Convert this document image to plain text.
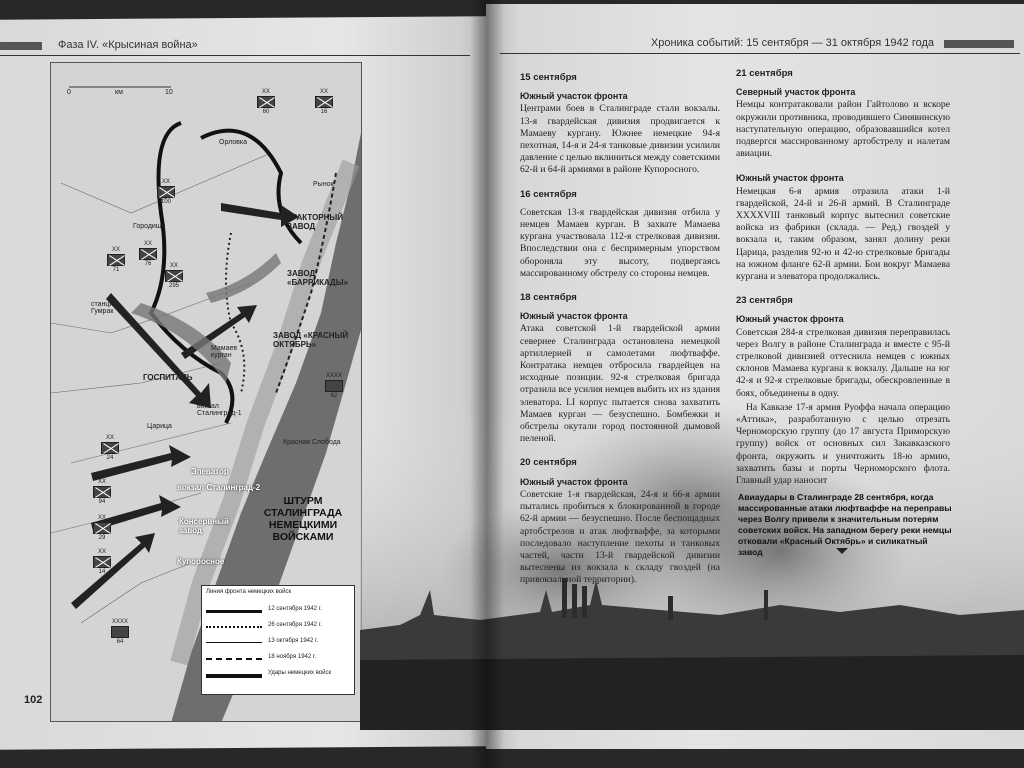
Фаза IV. «Крысиная война»	Хроника событий: 15 сентября — 31 октября 1942 года
0	км	10
Орловка
Рынок
ТРАКТОРНЫЙ ЗАВОД
Городище
ЗАВОД «БАРРИКАДЫ»
станция Гумрак
ЗАВОД «КРАСНЫЙ ОКТЯБРЬ»
Мамаев курган
ГОСПИТАЛЬ
Царица
вокзал Сталинград-1
Красная Слобода
вокзал Сталинград-2
Элеватор
Консервный завод
Купоросное
ШТУРМ СТАЛИНГРАДА НЕМЕЦКИМИ ВОЙСКАМИ
XX
60
XX
16
XX
100
XX
71
XX
76	XX
295
XX
24
XX
94
XX
29
XX
14
XXXX
62
XXXX
64
Линия фронта немецких войск
12 сентября 1942 г.
26 сентября 1942 г.
13 октября 1942 г.
18 ноября 1942 г.
Удары немецких войск
102
15 сентября
Южный участок фронта
Центрами боев в Сталинграде стали вокзалы. 13-я гвардейская дивизия продвигается к Мамаеву кургану. Южнее немецкие 94-я пехотная, 14-я и 24-я танковые дивизии усилили давление с целью вклиниться между советскими 62-й и 64-й армиями в районе Купоросного.
16 сентября
Советская 13-я гвардейская дивизия отбила у немцев Мамаев курган. В захвате Мамаева кургана участвовала 112-я стрелковая дивизия. Впоследствии она с беспримерным упорством обороняла эту высоту, подвергаясь массированному обстрелу со стороны немцев.
18 сентября
Южный участок фронта
Атака советской 1-й гвардейской армии севернее Сталинграда остановлена немецкой артиллерией и самолетами люфтваффе. Контратака немцев отбросила гвардейцев на исходные позиции. 92-я стрелковая бригада отразила все усилия немцев выбить их из здания элеватора. LI корпус пытается снова захватить Мамаев курган — безуспешно. Бомбежки и обстрелы окутали город постоянной дымовой пеленой.
20 сентября
Южный участок фронта
Советские 1-я гвардейская, 24-я и 66-я армии пытались пробиться к блокированной в городе 62-й армии — безуспешно. После беспощадных артобстрелов и атак люфтваффе, за которыми последовало наступление пехоты и танковых частей, части 13-й гвардейской дивизии вытеснены из вокзала к складу гвоздей (на привокзальной территории).
21 сентября
Северный участок фронта
Немцы контратаковали район Гайтолово и вскоре окружили противника, проводившего Синявинскую наступательную операцию, образовавшийся котел подвергся массированному артобстрелу и налетам авиации.
Южный участок фронта
Немецкая 6-я армия отразила атаки 1-й гвардейской, 24-й и 26-й армий. В Сталинграде XXXXVIII танковый корпус вытеснил советские войска из фабрики (склада. — Ред.) гвоздей у вокзала и, таким образом, занял долину реки Царица, разделив 92-ю и 42-ю стрелковые бригады на южном фланге 62-й армии. Бои вокруг Мамаева кургана и элеватора продолжались.
23 сентября
Южный участок фронта
Советская 284-я стрелковая дивизия переправилась через Волгу в районе Сталинграда и вместе с 95-й стрелковой дивизией оттеснила немцев с южных склонов Мамаева кургана к вокзалу. Дальше на юг 42-я и 92-я стрелковые бригады, обескровленные в боях, объединены в одну.
На Кавказе 17-я армия Руоффа начала операцию «Аттика», разработанную с целью отрезать Черноморскую группу (до 17 августа Приморскую группу) войск от основных сил Закавказского фронта, окружить и уничтожить 18-ю армию, захватить базы и порты Черноморского флота. Главный удар наносит
Авиаудары в Сталинграде 28 сентября, когда массированные атаки люфтваффе на переправы через Волгу привели к значительным потерям советских войск. На западном берегу реки немцы отковали «Красный Октябрь» и силикатный завод
